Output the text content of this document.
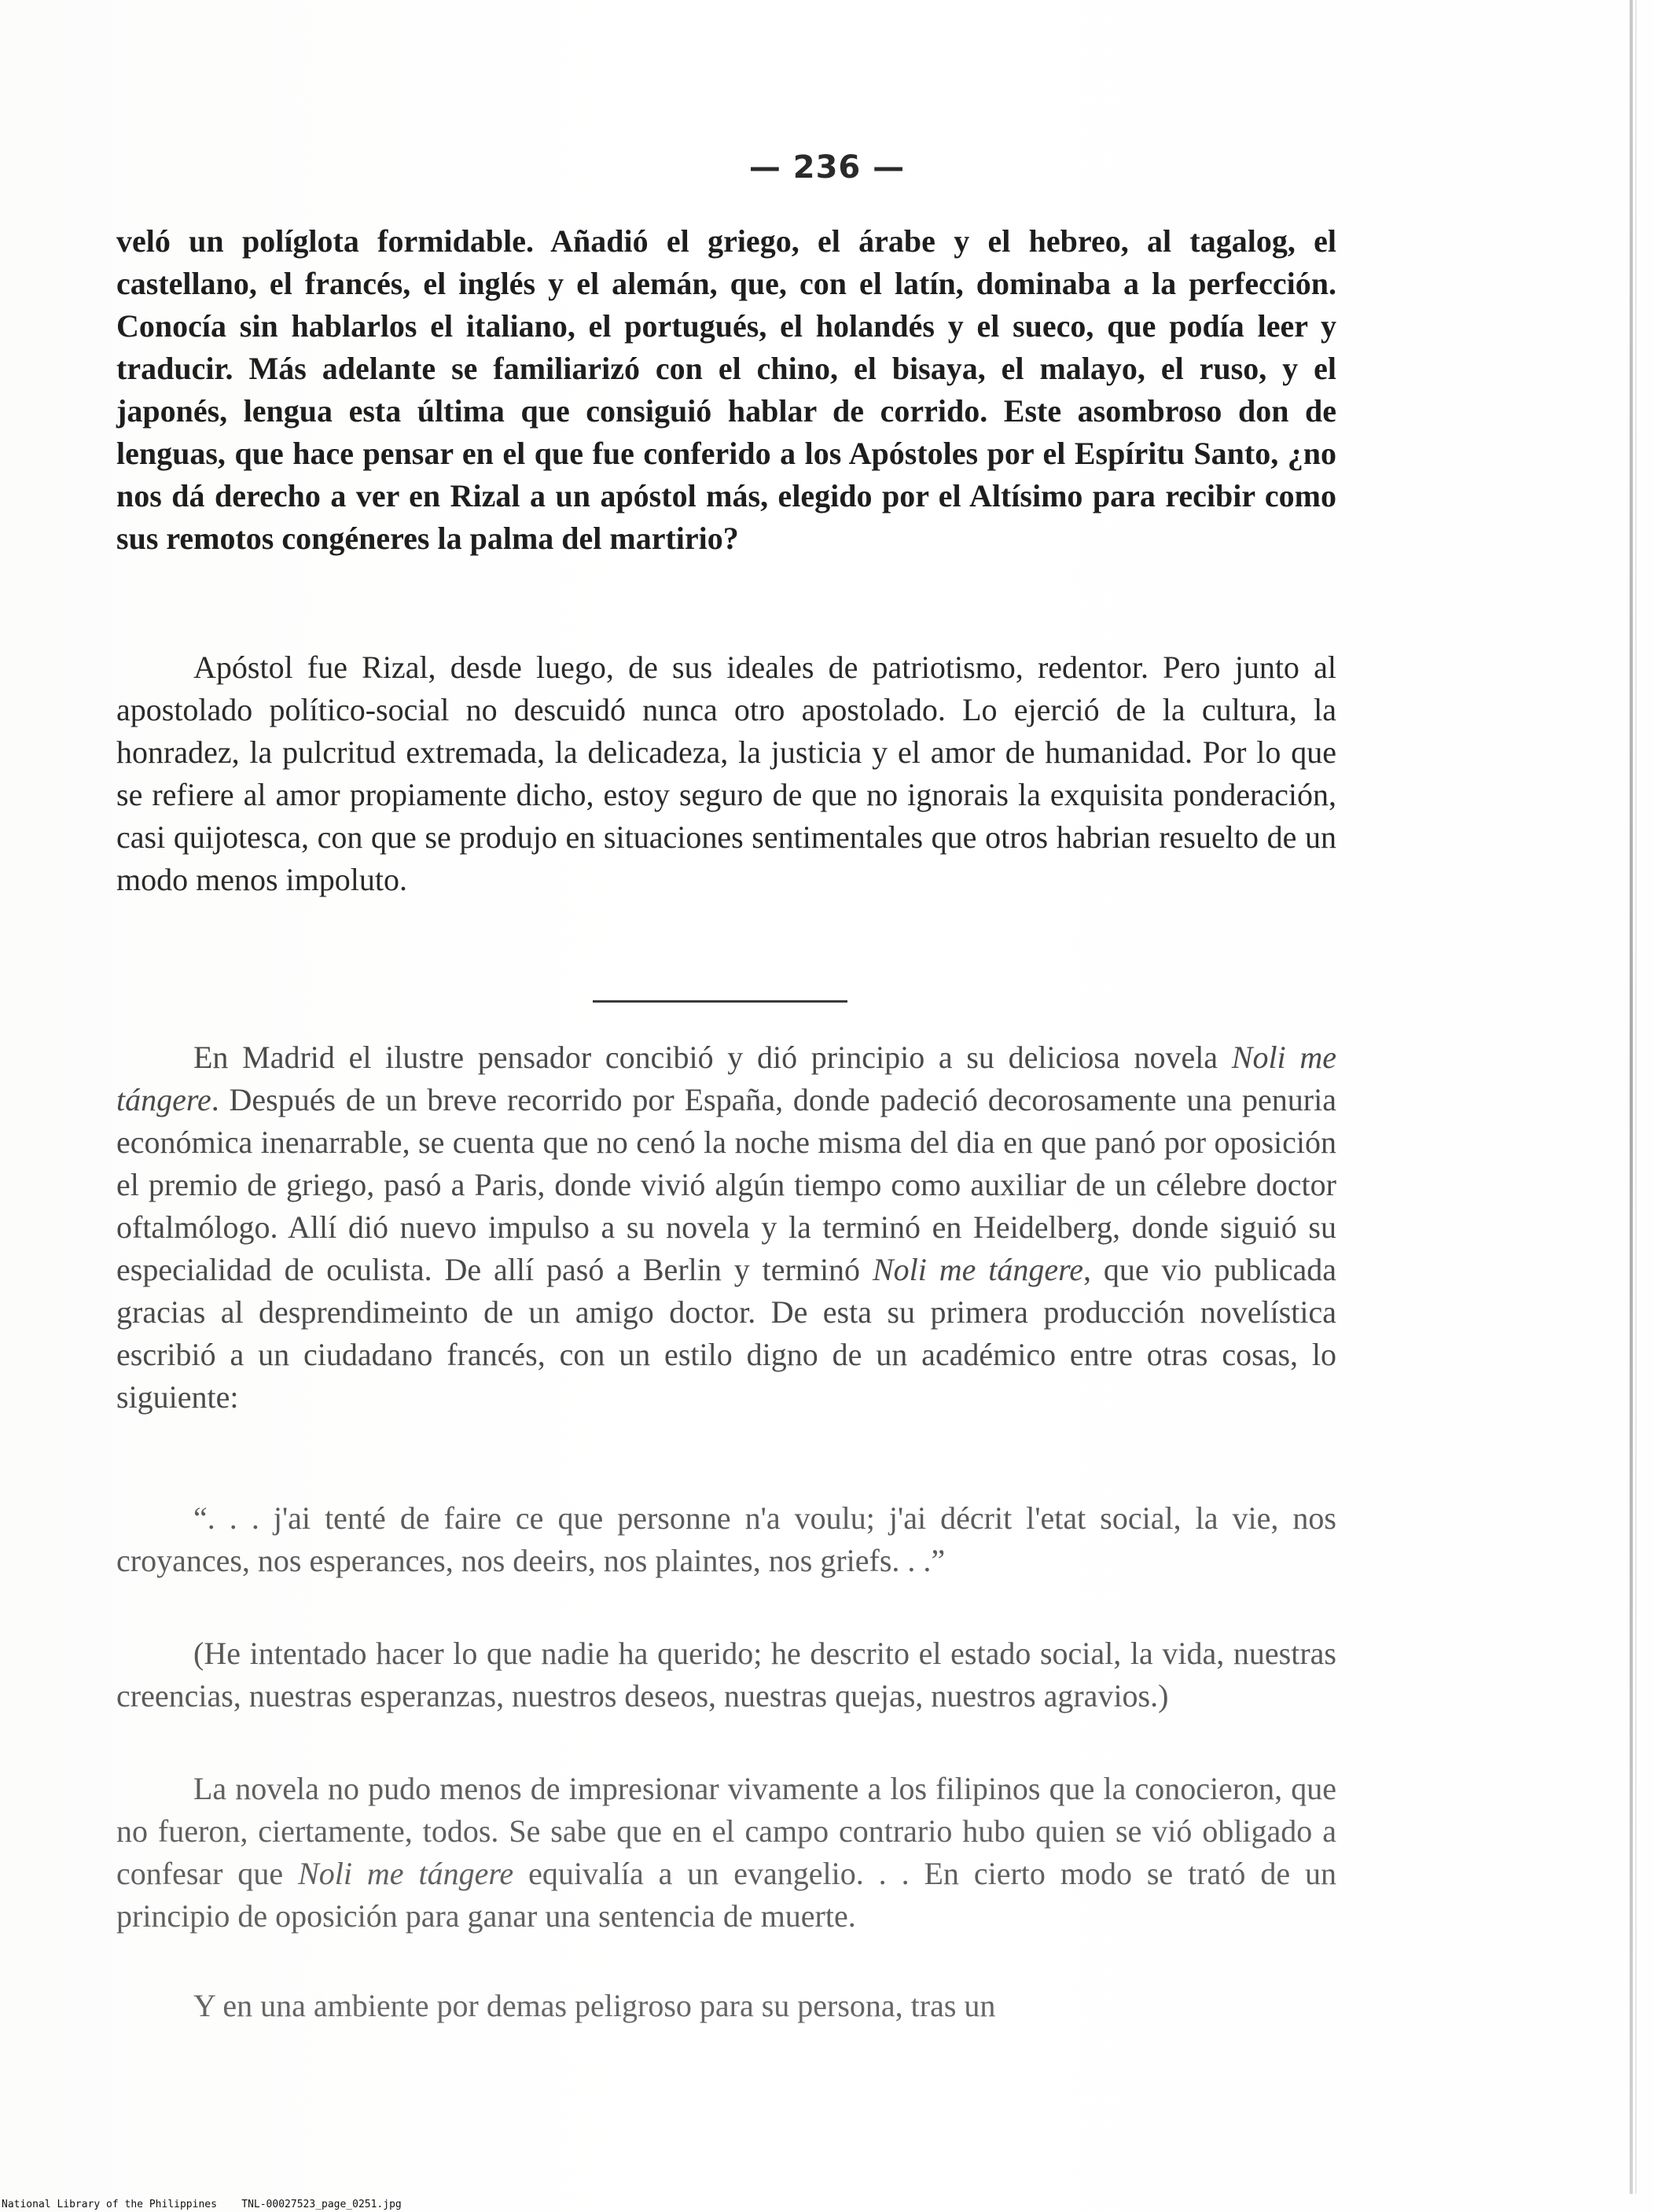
— 236 —

veló un políglota formidable. Añadió el griego, el árabe y el hebreo, al tagalog, el castellano, el francés, el inglés y el alemán, que, con el latín, dominaba a la perfección. Conocía sin hablarlos el italiano, el portugués, el holandés y el sueco, que podía leer y traducir. Más adelante se familiarizó con el chino, el bisaya, el malayo, el ruso, y el japonés, lengua esta última que consiguió hablar de corrido. Este asombroso don de lenguas, que hace pensar en el que fue conferido a los Apóstoles por el Espíritu Santo, ¿no nos dá derecho a ver en Rizal a un apóstol más, elegido por el Altísimo para recibir como sus remotos congéneres la palma del martirio?

Apóstol fue Rizal, desde luego, de sus ideales de patriotismo, redentor. Pero junto al apostolado político-social no descuidó nunca otro apostolado. Lo ejerció de la cultura, la honradez, la pulcritud extremada, la delicadeza, la justicia y el amor de humanidad. Por lo que se refiere al amor propiamente dicho, estoy seguro de que no ignorais la exquisita ponderación, casi quijotesca, con que se produjo en situaciones sentimentales que otros habrian resuelto de un modo menos impoluto.

En Madrid el ilustre pensador concibió y dió principio a su deliciosa novela Noli me tángere. Después de un breve recorrido por España, donde padeció decorosamente una penuria económica inenarrable, se cuenta que no cenó la noche misma del dia en que panó por oposición el premio de griego, pasó a Paris, donde vivió algún tiempo como auxiliar de un célebre doctor oftalmólogo. Allí dió nuevo impulso a su novela y la terminó en Heidelberg, donde siguió su especialidad de oculista. De allí pasó a Berlin y terminó Noli me tángere, que vio publicada gracias al desprendimeinto de un amigo doctor. De esta su primera producción novelística escribió a un ciudadano francés, con un estilo digno de un académico entre otras cosas, lo siguiente:

“. . . j'ai tenté de faire ce que personne n'a voulu; j'ai décrit l'etat social, la vie, nos croyances, nos esperances, nos deeirs, nos plaintes, nos griefs. . .”

(He intentado hacer lo que nadie ha querido; he descrito el estado social, la vida, nuestras creencias, nuestras esperanzas, nuestros deseos, nuestras quejas, nuestros agravios.)

La novela no pudo menos de impresionar vivamente a los filipinos que la conocieron, que no fueron, ciertamente, todos. Se sabe que en el campo contrario hubo quien se vió obligado a confesar que Noli me tángere equivalía a un evangelio. . . En cierto modo se trató de un principio de oposición para ganar una sentencia de muerte.

Y en una ambiente por demas peligroso para su persona, tras un

National Library of the Philippines TNL-00027523_page_0251.jpg
